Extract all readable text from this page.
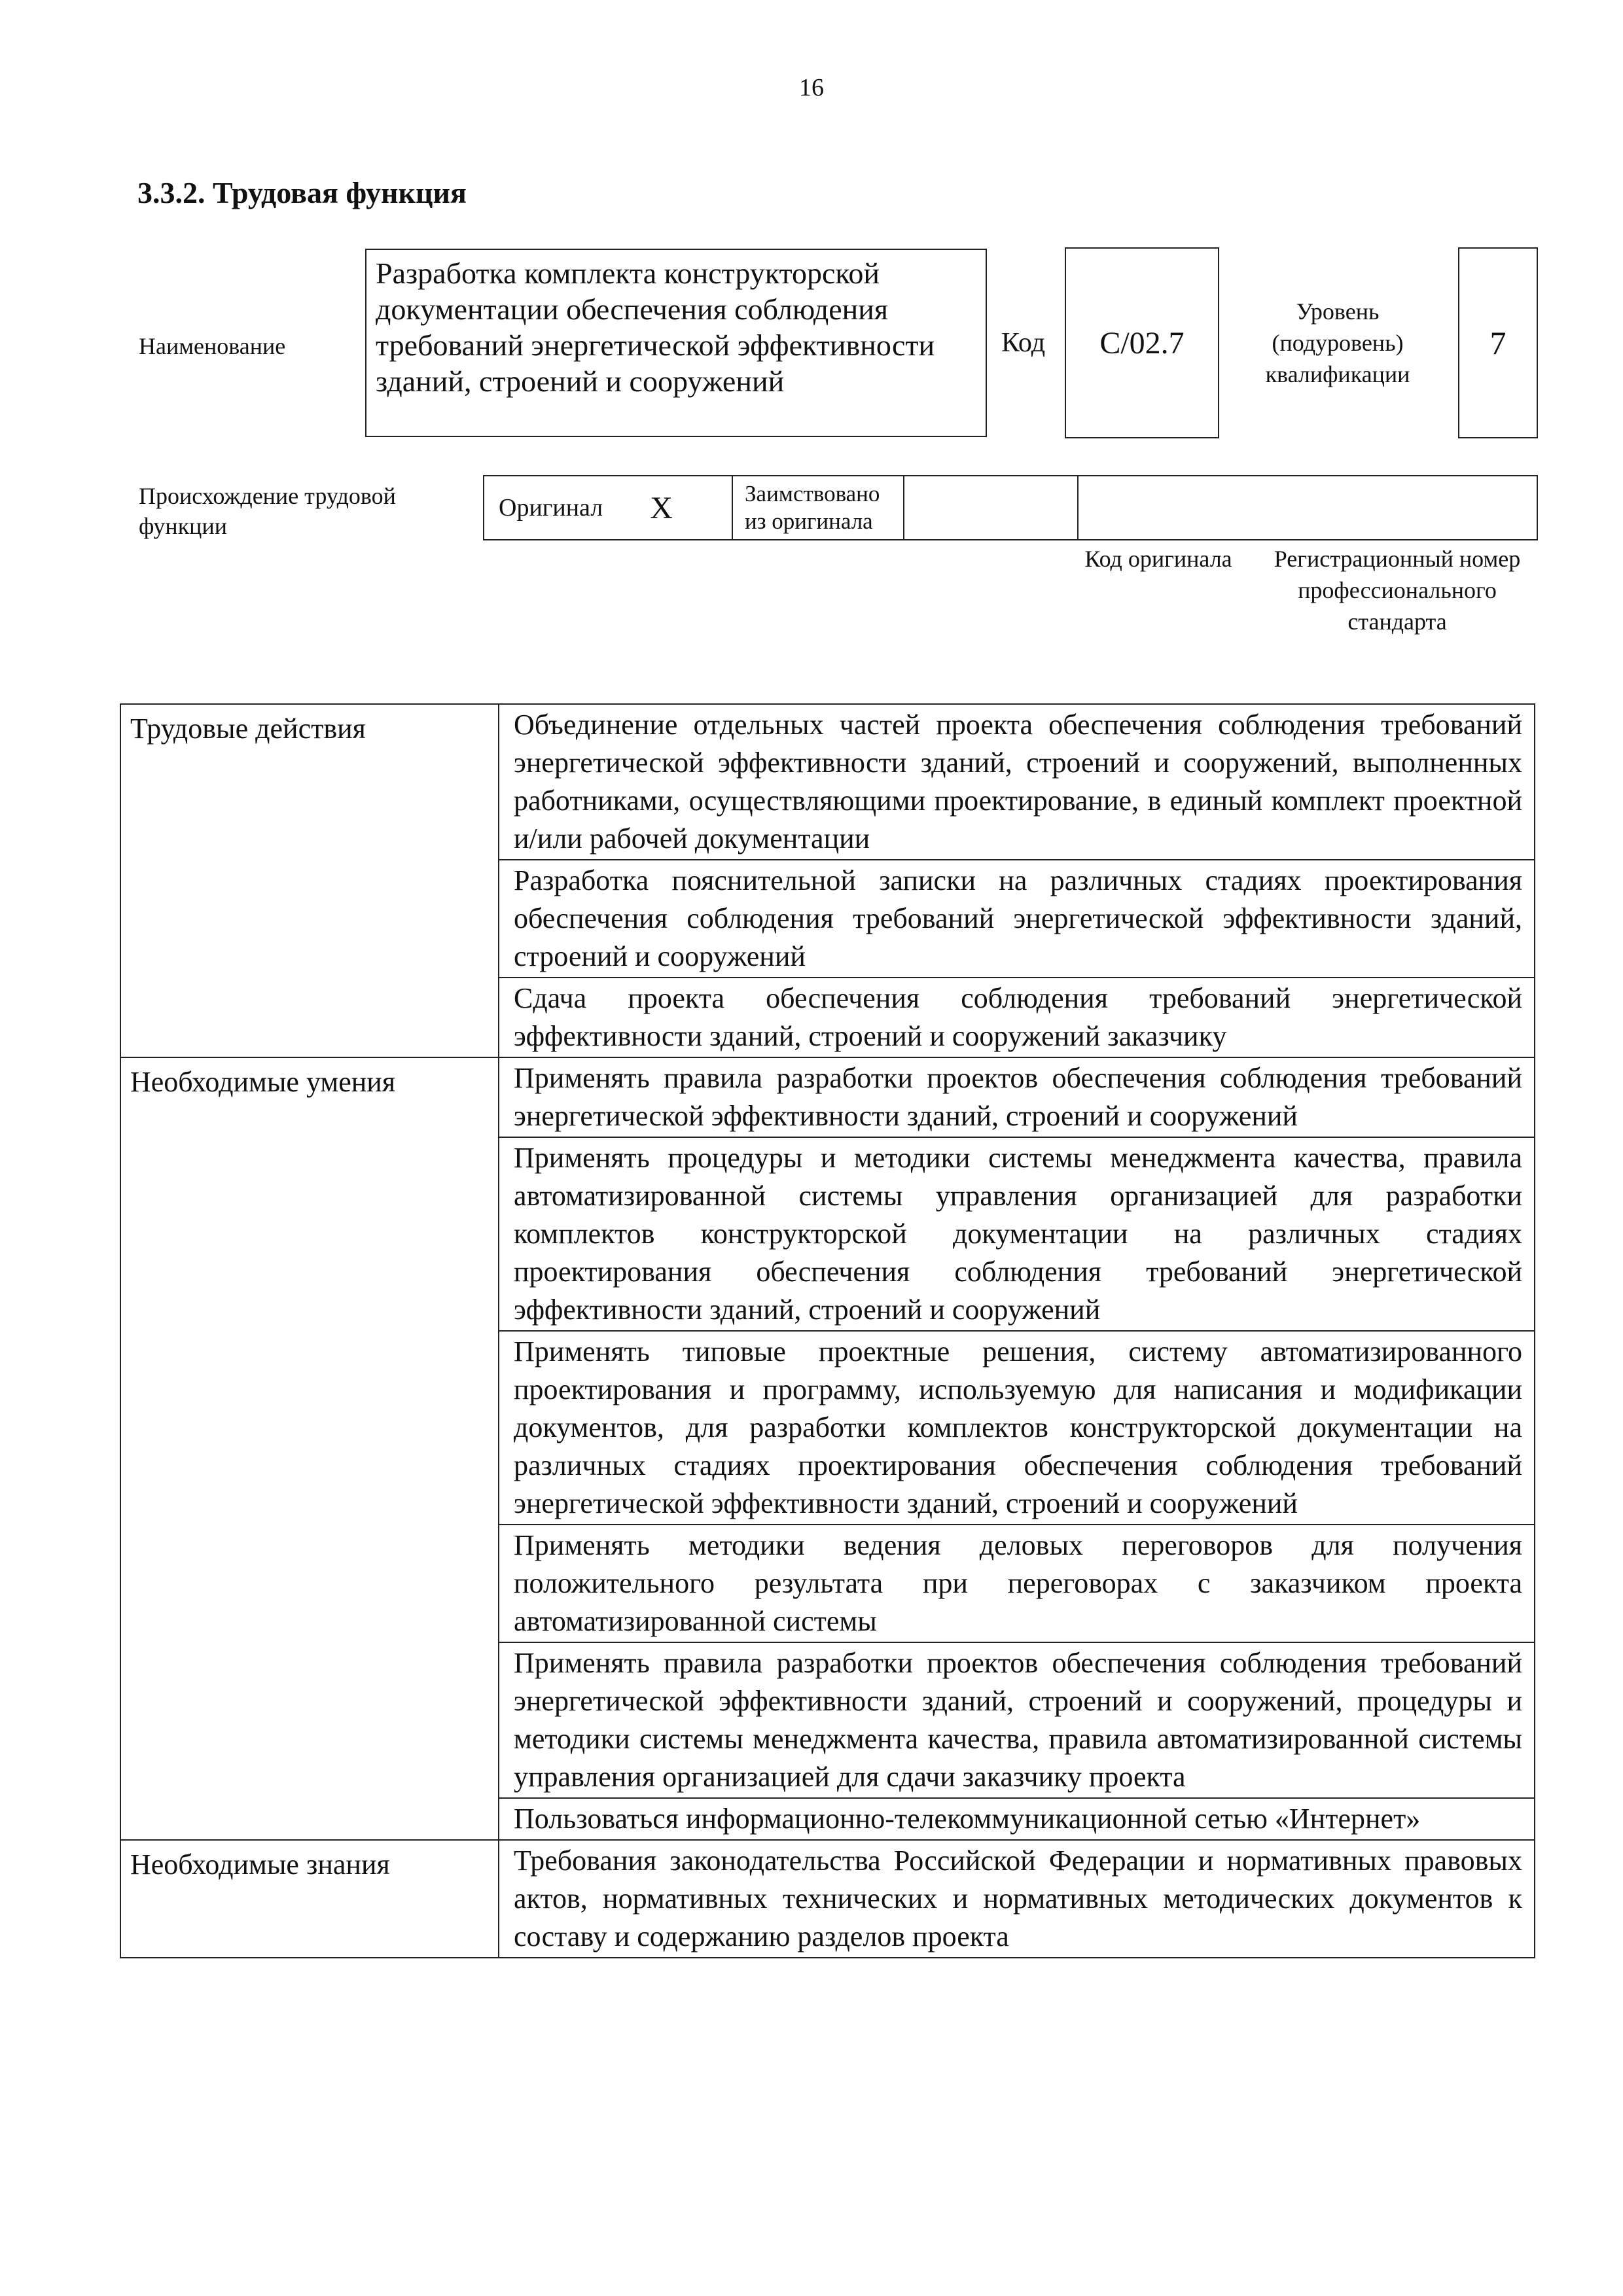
16
3.3.2. Трудовая функция
Наименование
Разработка комплекта конструкторской документации обеспечения соблюдения требований энергетической эффективности зданий, строений и сооружений
Код	C/02.7
Уровень (подуровень) квалификации
7
Происхождение трудовой функции
Оригинал X	Заимствовано из оригинала
Код оригинала	Регистрационный номер профессионального стандарта
Трудовые действия	Объединение отдельных частей проекта обеспечения соблюдения требований энергетической эффективности зданий, строений и сооружений, выполненных работниками, осуществляющими проектирование, в единый комплект проектной и/или рабочей документации
	Разработка пояснительной записки на различных стадиях проектирования обеспечения соблюдения требований энергетической эффективности зданий, строений и сооружений
	Сдача проекта обеспечения соблюдения требований энергетической эффективности зданий, строений и сооружений заказчику
Необходимые умения	Применять правила разработки проектов обеспечения соблюдения требований энергетической эффективности зданий, строений и сооружений
	Применять процедуры и методики системы менеджмента качества, правила автоматизированной системы управления организацией для разработки комплектов конструкторской документации на различных стадиях проектирования обеспечения соблюдения требований энергетической эффективности зданий, строений и сооружений
	Применять типовые проектные решения, систему автоматизированного проектирования и программу, используемую для написания и модификации документов, для разработки комплектов конструкторской документации на различных стадиях проектирования обеспечения соблюдения требований энергетической эффективности зданий, строений и сооружений
	Применять методики ведения деловых переговоров для получения положительного результата при переговорах с заказчиком проекта автоматизированной системы
	Применять правила разработки проектов обеспечения соблюдения требований энергетической эффективности зданий, строений и сооружений, процедуры и методики системы менеджмента качества, правила автоматизированной системы управления организацией для сдачи заказчику проекта
	Пользоваться информационно-телекоммуникационной сетью «Интернет»
Необходимые знания	Требования законодательства Российской Федерации и нормативных правовых актов, нормативных технических и нормативных методических документов к составу и содержанию разделов проекта
